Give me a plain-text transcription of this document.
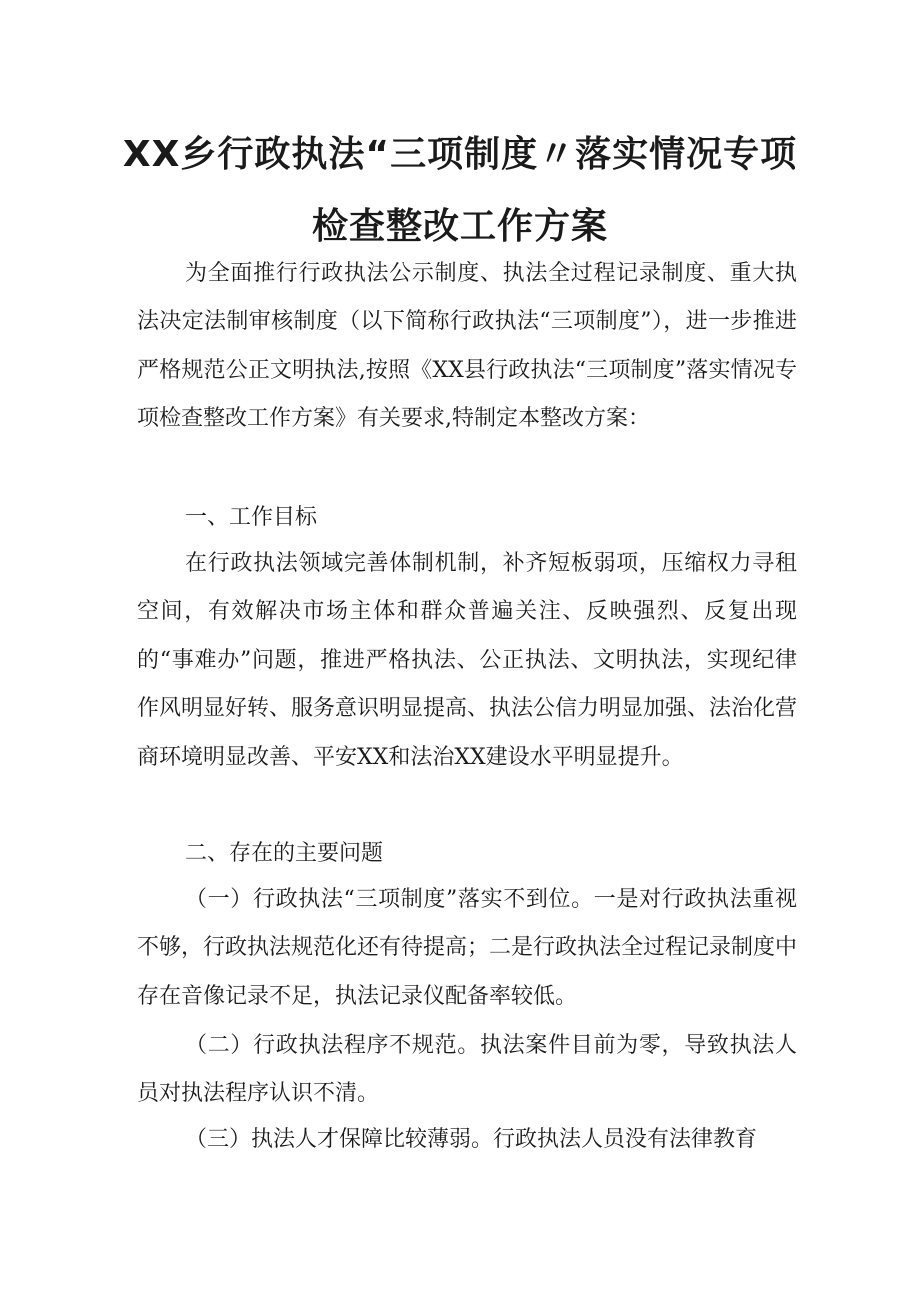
XX乡行政执法“三项制度〃落实情况专项
检查整改工作方案
为全面推行行政执法公示制度、执法全过程记录制度、重大执法决定法制审核制度（以下简称行政执法“三项制度”），进一步推进严格规范公正文明执法,按照《XX县行政执法“三项制度”落实情况专项检查整改工作方案》有关要求,特制定本整改方案：
一、工作目标
在行政执法领域完善体制机制，补齐短板弱项，压缩权力寻租空间，有效解决市场主体和群众普遍关注、反映强烈、反复出现的“事难办”问题，推进严格执法、公正执法、文明执法，实现纪律作风明显好转、服务意识明显提高、执法公信力明显加强、法治化营商环境明显改善、平安XX和法治XX建设水平明显提升。
二、存在的主要问题
（一）行政执法“三项制度”落实不到位。一是对行政执法重视不够，行政执法规范化还有待提高；二是行政执法全过程记录制度中存在音像记录不足，执法记录仪配备率较低。
（二）行政执法程序不规范。执法案件目前为零，导致执法人员对执法程序认识不清。
（三）执法人才保障比较薄弱。行政执法人员没有法律教育
